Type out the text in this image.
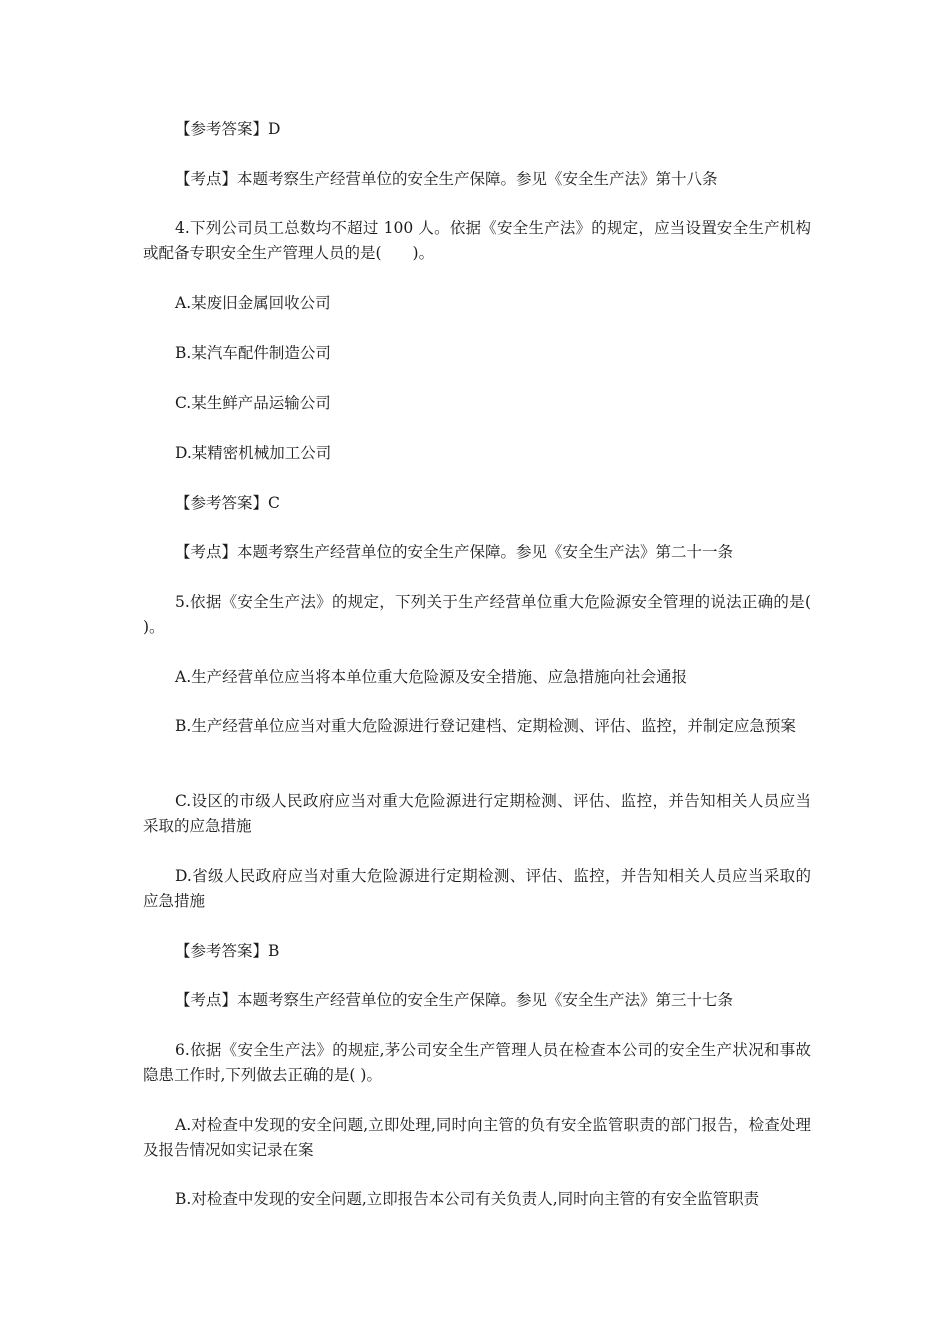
【参考答案】D

【考点】本题考察生产经营单位的安全生产保障。参见《安全生产法》第十八条

4.下列公司员工总数均不超过 100 人。依据《安全生产法》的规定，应当设置安全生产机构或配备专职安全生产管理人员的是(　　)。

A.某废旧金属回收公司

B.某汽车配件制造公司

C.某生鲜产品运输公司

D.某精密机械加工公司

【参考答案】C

【考点】本题考察生产经营单位的安全生产保障。参见《安全生产法》第二十一条

5.依据《安全生产法》的规定，下列关于生产经营单位重大危险源安全管理的说法正确的是(　　)。

A.生产经营单位应当将本单位重大危险源及安全措施、应急措施向社会通报

B.生产经营单位应当对重大危险源进行登记建档、定期检测、评估、监控，并制定应急预案

C.设区的市级人民政府应当对重大危险源进行定期检测、评估、监控，并告知相关人员应当采取的应急措施

D.省级人民政府应当对重大危险源进行定期检测、评估、监控，并告知相关人员应当采取的应急措施

【参考答案】B

【考点】本题考察生产经营单位的安全生产保障。参见《安全生产法》第三十七条

6.依据《安全生产法》的规症,茅公司安全生产管理人员在检查本公司的安全生产状况和事故隐患工作时,下列做去正确的是( )。

A.对检查中发现的安全问题,立即处理,同时向主管的负有安全监管职责的部门报告，检查处理及报告情况如实记录在案

B.对检查中发现的安全问题,立即报告本公司有关负责人,同时向主管的有安全监管职责
